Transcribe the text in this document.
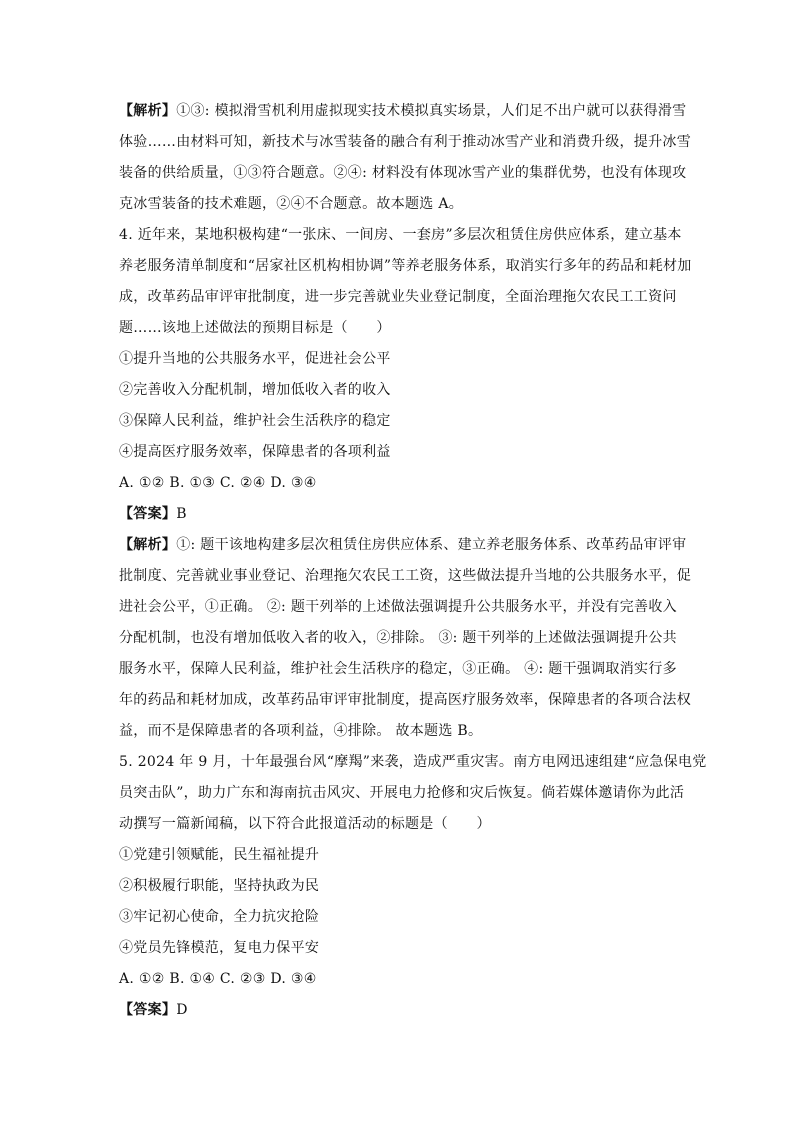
【解析】①③: 模拟滑雪机利用虚拟现实技术模拟真实场景，人们足不出户就可以获得滑雪
体验……由材料可知，新技术与冰雪装备的融合有利于推动冰雪产业和消费升级，提升冰雪
装备的供给质量，①③符合题意。②④: 材料没有体现冰雪产业的集群优势，也没有体现攻
克冰雪装备的技术难题，②④不合题意。故本题选 A。

4. 近年来，某地积极构建“一张床、一间房、一套房”多层次租赁住房供应体系，建立基本
养老服务清单制度和“居家社区机构相协调”等养老服务体系，取消实行多年的药品和耗材加
成，改革药品审评审批制度，进一步完善就业失业登记制度，全面治理拖欠农民工工资问
题……该地上述做法的预期目标是（　　）

①提升当地的公共服务水平，促进社会公平

②完善收入分配机制，增加低收入者的收入

③保障人民利益，维护社会生活秩序的稳定

④提高医疗服务效率，保障患者的各项利益

A. ①② B. ①③ C. ②④ D. ③④

【答案】B

【解析】①: 题干该地构建多层次租赁住房供应体系、建立养老服务体系、改革药品审评审
批制度、完善就业事业登记、治理拖欠农民工工资，这些做法提升当地的公共服务水平，促
进社会公平，①正确。 ②: 题干列举的上述做法强调提升公共服务水平，并没有完善收入
分配机制，也没有增加低收入者的收入，②排除。 ③: 题干列举的上述做法强调提升公共
服务水平，保障人民利益，维护社会生活秩序的稳定，③正确。 ④: 题干强调取消实行多
年的药品和耗材加成，改革药品审评审批制度，提高医疗服务效率，保障患者的各项合法权
益，而不是保障患者的各项利益，④排除。 故本题选 B。

5. 2024 年 9 月，十年最强台风“摩羯”来袭，造成严重灾害。南方电网迅速组建“应急保电党
员突击队”，助力广东和海南抗击风灾、开展电力抢修和灾后恢复。倘若媒体邀请你为此活
动撰写一篇新闻稿，以下符合此报道活动的标题是（　　）

①党建引领赋能，民生福祉提升

②积极履行职能，坚持执政为民

③牢记初心使命，全力抗灾抢险

④党员先锋模范，复电力保平安

A. ①② B. ①④ C. ②③ D. ③④

【答案】D
